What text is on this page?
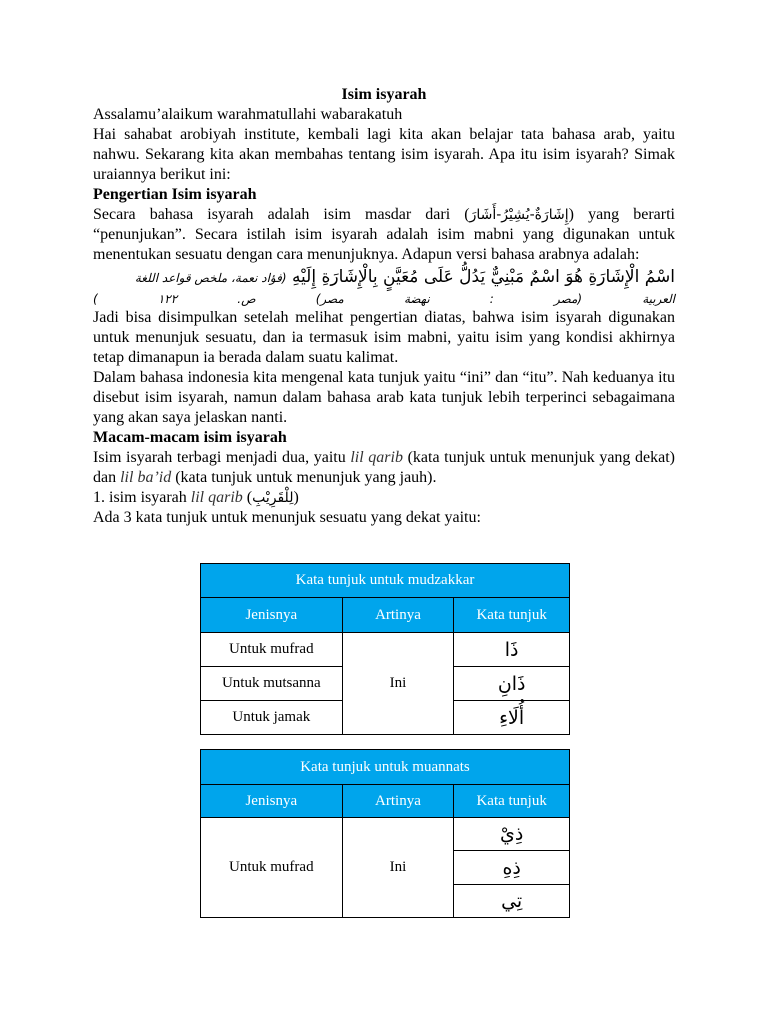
Isim isyarah
Assalamu’alaikum warahmatullahi wabarakatuh
Hai sahabat arobiyah institute, kembali lagi kita akan belajar tata bahasa arab, yaitu nahwu. Sekarang kita akan membahas tentang isim isyarah. Apa itu isim isyarah? Simak uraiannya berikut ini:
Pengertian Isim isyarah
Secara bahasa isyarah adalah isim masdar dari (إِشَارَةٌ-يُشِيْرُ-أَشَارَ) yang berarti “penunjukan”. Secara istilah isim isyarah adalah isim mabni yang digunakan untuk menentukan sesuatu dengan cara menunjuknya. Adapun versi bahasa arabnya adalah:
اسْمُ الْإِشَارَةِ هُوَ اسْمٌ مَبْنِيٌّ يَدُلُّ عَلَى مُعَيَّنٍ بِالْإِشَارَةِ إِلَيْهِ (فؤاد نعمة، ملخص قواعد اللغة
العربية (مصر : نهضة مصر) ص. ١٢٢ )
Jadi bisa disimpulkan setelah melihat pengertian diatas, bahwa isim isyarah digunakan untuk menunjuk sesuatu, dan ia termasuk isim mabni, yaitu isim yang kondisi akhirnya tetap dimanapun ia berada dalam suatu kalimat.
Dalam bahasa indonesia kita mengenal kata tunjuk yaitu “ini” dan “itu”. Nah keduanya itu disebut isim isyarah, namun dalam bahasa arab kata tunjuk lebih terperinci sebagaimana yang akan saya jelaskan nanti.
Macam-macam isim isyarah
Isim isyarah terbagi menjadi dua, yaitu lil qarib (kata tunjuk untuk menunjuk yang dekat) dan lil ba’id (kata tunjuk untuk menunjuk yang jauh).
1. isim isyarah lil qarib (لِلْقَرِيْبِ)
Ada 3 kata tunjuk untuk menunjuk sesuatu yang dekat yaitu:
Kata tunjuk untuk mudzakkar		
Jenisnya	Artinya	Kata tunjuk
Untuk mufrad	Ini	ذَا
Untuk mutsanna		ذَانِ
Untuk jamak		أُلَاءِ
Kata tunjuk untuk muannats		
Jenisnya	Artinya	Kata tunjuk
Untuk mufrad	Ini	ذِيْ
		ذِهِ
		تِي
